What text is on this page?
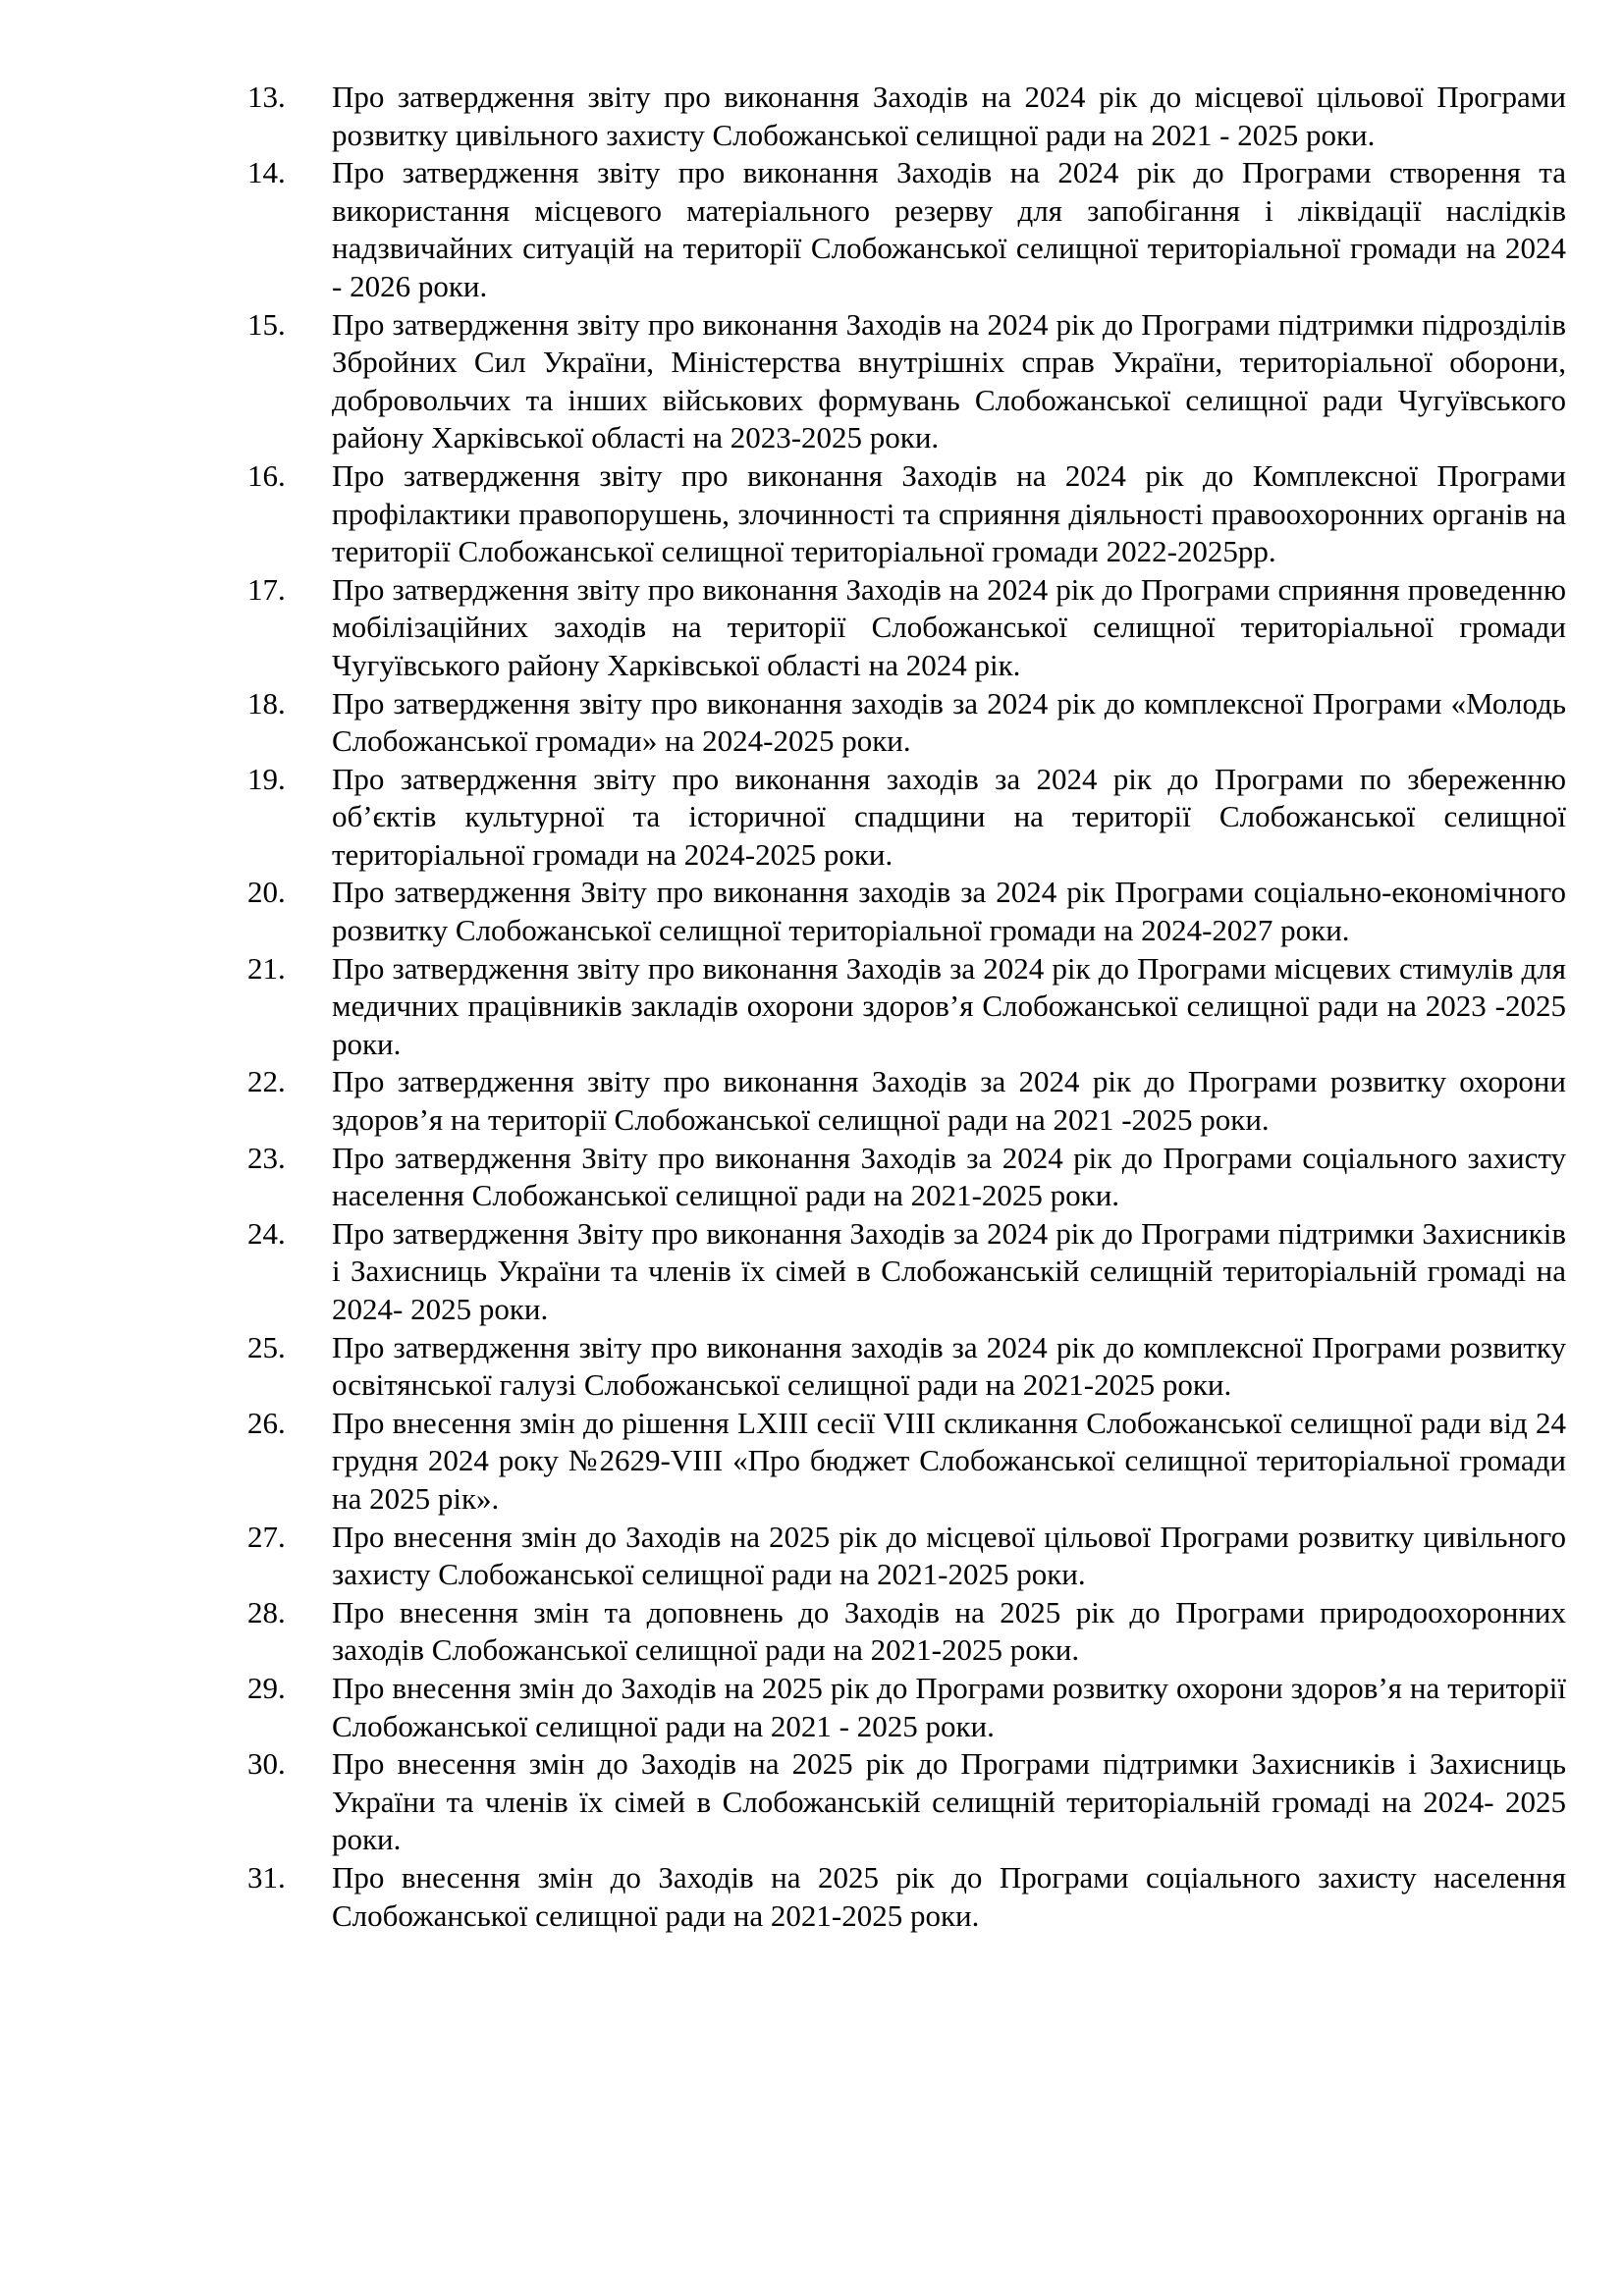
13.	Про затвердження звіту про виконання Заходів на 2024 рік до місцевої цільової Програми розвитку цивільного захисту Слобожанської селищної ради на 2021 - 2025 роки.
14.	Про затвердження звіту про виконання Заходів на 2024 рік до Програми створення та використання місцевого матеріального резерву для запобігання і ліквідації наслідків надзвичайних ситуацій на території Слобожанської селищної територіальної громади на 2024 - 2026 роки.
15.	Про затвердження звіту про виконання Заходів на 2024 рік до Програми підтримки підрозділів Збройних Сил України, Міністерства внутрішніх справ України, територіальної оборони, добровольчих та інших військових формувань Слобожанської селищної ради Чугуївського району Харківської області на 2023-2025 роки.
16.	Про затвердження звіту про виконання Заходів на 2024 рік до Комплексної Програми профілактики правопорушень, злочинності та сприяння діяльності правоохоронних органів на території Слобожанської селищної територіальної громади 2022-2025рр.
17.	Про затвердження звіту про виконання Заходів на 2024 рік до Програми сприяння проведенню мобілізаційних заходів на території Слобожанської селищної територіальної громади Чугуївського району Харківської області на 2024 рік.
18.	Про затвердження звіту про виконання заходів за 2024 рік до комплексної Програми «Молодь Слобожанської громади» на 2024-2025 роки.
19.	Про затвердження звіту про виконання заходів за 2024 рік до Програми по збереженню об’єктів культурної та історичної спадщини на території Слобожанської селищної територіальної громади на 2024-2025 роки.
20.	Про затвердження Звіту про виконання заходів за 2024 рік Програми соціально-економічного розвитку Слобожанської селищної територіальної громади на 2024-2027 роки.
21.	Про затвердження звіту про виконання Заходів за 2024 рік до Програми місцевих стимулів для медичних працівників закладів охорони здоров’я Слобожанської селищної ради на 2023 -2025 роки.
22.	Про затвердження звіту про виконання Заходів за 2024 рік до Програми розвитку охорони здоров’я на території Слобожанської селищної ради на 2021 -2025 роки.
23.	Про затвердження Звіту про виконання Заходів за 2024 рік до Програми соціального захисту населення Слобожанської селищної ради на 2021-2025 роки.
24.	Про затвердження Звіту про виконання Заходів за 2024 рік до Програми підтримки Захисників і Захисниць України та членів їх сімей в Слобожанській селищній територіальній громаді на 2024- 2025 роки.
25.	Про затвердження звіту про виконання заходів за 2024 рік до комплексної Програми розвитку освітянської галузі Слобожанської селищної ради на 2021-2025 роки.
26.	Про внесення змін до рішення LXIII сесії VIII скликання Слобожанської селищної ради від 24 грудня 2024 року №2629-VIII «Про бюджет Слобожанської селищної територіальної громади на 2025 рік».
27.	Про внесення змін до Заходів на 2025 рік до місцевої цільової Програми розвитку цивільного захисту Слобожанської селищної ради на 2021-2025 роки.
28.	Про внесення змін та доповнень до Заходів на 2025 рік до Програми природоохоронних заходів Слобожанської селищної ради на 2021-2025 роки.
29.	Про внесення змін до Заходів на 2025 рік до Програми розвитку охорони здоров’я на території Слобожанської селищної ради на 2021 - 2025 роки.
30.	Про внесення змін до Заходів на 2025 рік до Програми підтримки Захисників і Захисниць України та членів їх сімей в Слобожанській селищній територіальній громаді на 2024- 2025 роки.
31.	Про внесення змін до Заходів на 2025 рік до Програми соціального захисту населення Слобожанської селищної ради на 2021-2025 роки.
